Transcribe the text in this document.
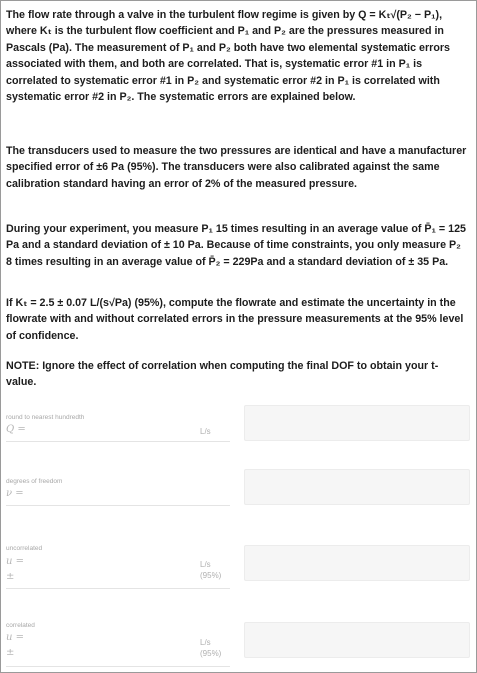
The flow rate through a valve in the turbulent flow regime is given by Q = Kₜ√(P₂ − P₁), where Kₜ is the turbulent flow coefficient and P₁ and P₂ are the pressures measured in Pascals (Pa). The measurement of P₁ and P₂ both have two elemental systematic errors associated with them, and both are correlated. That is, systematic error #1 in P₁ is correlated to systematic error #1 in P₂ and systematic error #2 in P₁ is correlated with systematic error #2 in P₂. The systematic errors are explained below.
The transducers used to measure the two pressures are identical and have a manufacturer specified error of ±6 Pa (95%). The transducers were also calibrated against the same calibration standard having an error of 2% of the measured pressure.
During your experiment, you measure P₁ 15 times resulting in an average value of P̄₁ = 125 Pa and a standard deviation of ± 10 Pa. Because of time constraints, you only measure P₂ 8 times resulting in an average value of P̄₂ = 229Pa and a standard deviation of ± 35 Pa.
If Kₜ = 2.5 ± 0.07 L/(s√Pa) (95%), compute the flowrate and estimate the uncertainty in the flowrate with and without correlated errors in the pressure measurements at the 95% level of confidence.
NOTE: Ignore the effect of correlation when computing the final DOF to obtain your t-value.
round to nearest hundredth
Q =	L/s
degrees of freedom
ν =
uncorrelated
u =
±
L/s
(95%)
correlated
u =
±
L/s
(95%)
